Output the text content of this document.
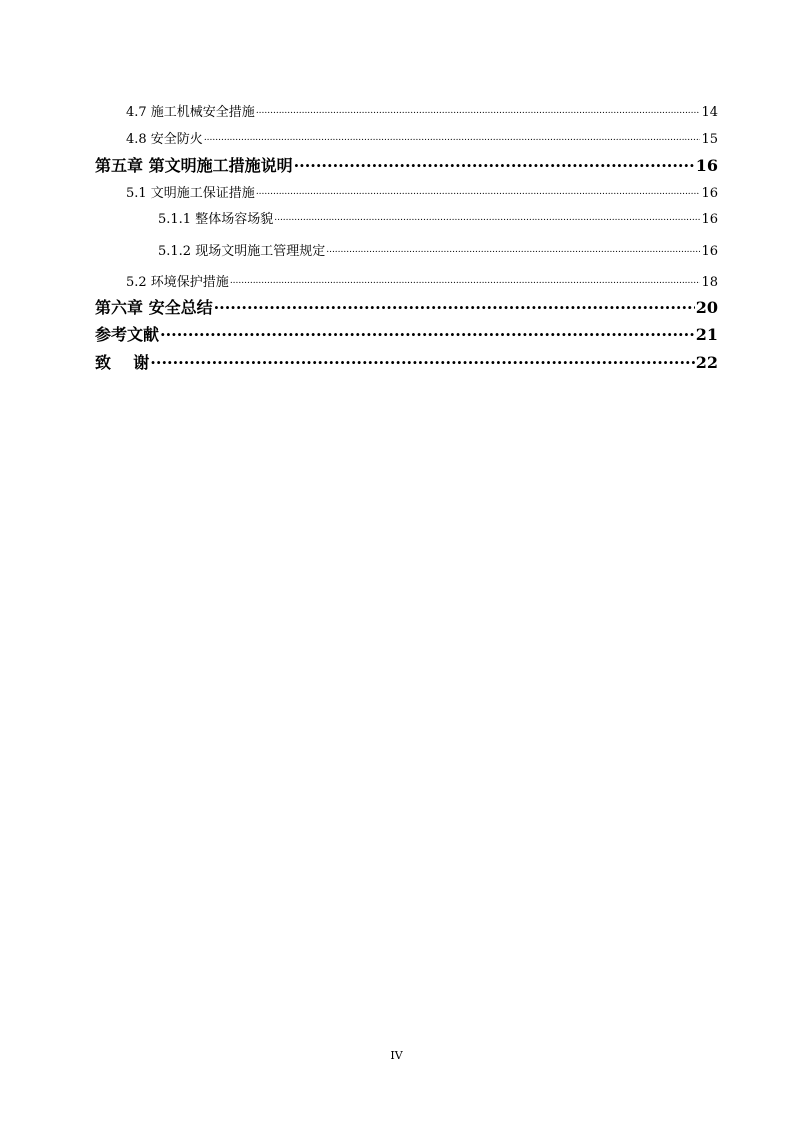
4.7 施工机械安全措施 .....	14
4.8 安全防火 .....	15
第五章 第文明施工措施说明 .....	16
5.1 文明施工保证措施 .....	16
5.1.1 整体场容场貌 .....	16
5.1.2 现场文明施工管理规定 .....	16
5.2 环境保护措施 .....	18
第六章 安全总结 .....	20
参考文献 .....	21
致    谢 .....	22
IV
